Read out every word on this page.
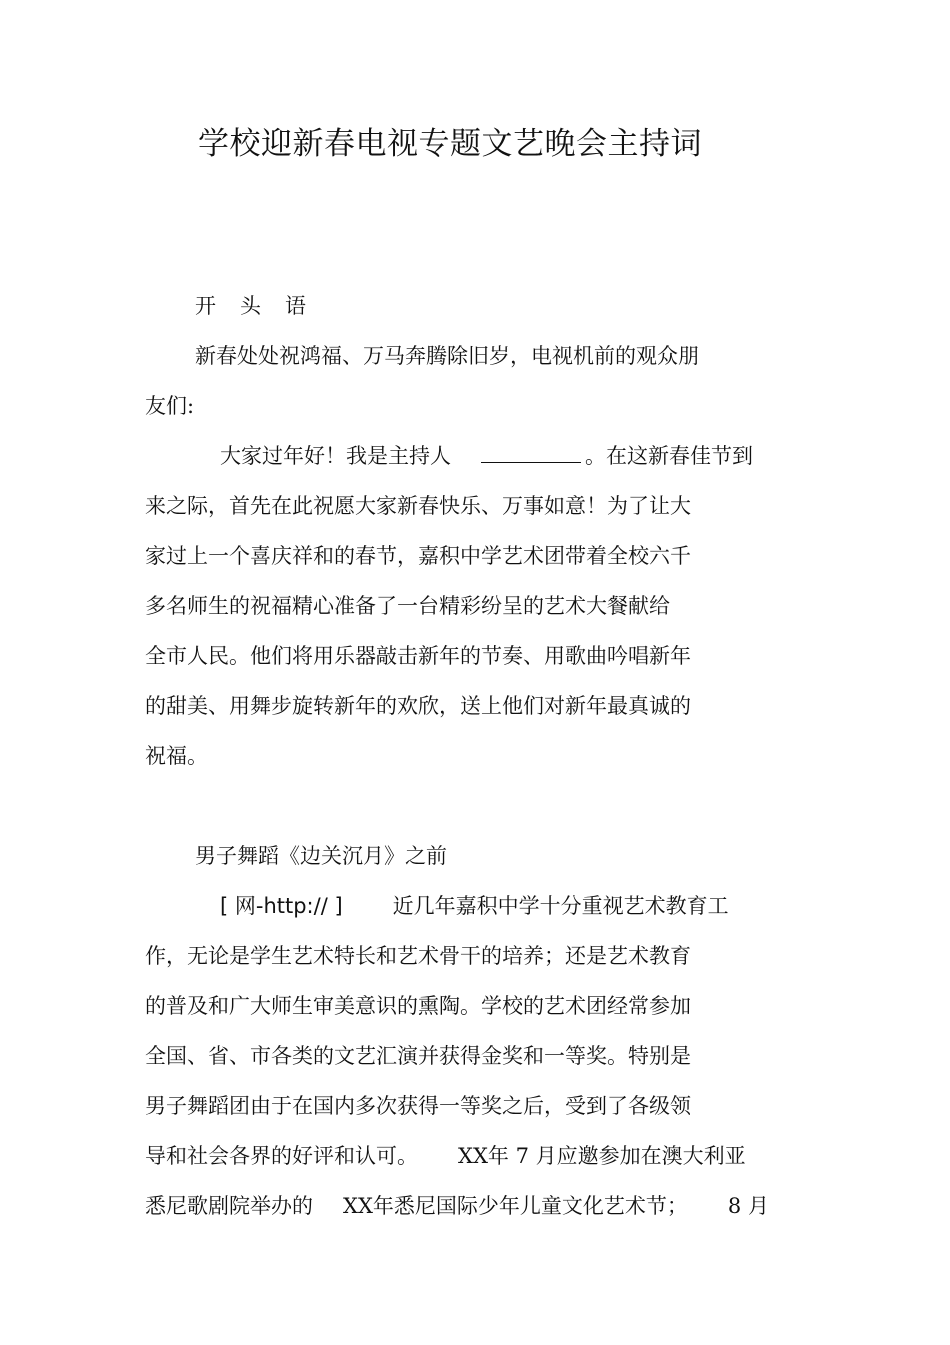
学校迎新春电视专题文艺晚会主持词
开头语
新春处处祝鸿福、万马奔腾除旧岁，电视机前的观众朋
友们:
大家过年好！我是主持人	。在这新春佳节到
来之际，首先在此祝愿大家新春快乐、万事如意！为了让大
家过上一个喜庆祥和的春节，嘉积中学艺术团带着全校六千
多名师生的祝福精心准备了一台精彩纷呈的艺术大餐献给
全市人民。他们将用乐器敲击新年的节奏、用歌曲吟唱新年
的甜美、用舞步旋转新年的欢欣，送上他们对新年最真诚的
祝福。
男子舞蹈《边关沉月》之前
[ 网-http:// ] 近几年嘉积中学十分重视艺术教育工
作，无论是学生艺术特长和艺术骨干的培养；还是艺术教育
的普及和广大师生审美意识的熏陶。学校的艺术团经常参加
全国、省、市各类的文艺汇演并获得金奖和一等奖。特别是
男子舞蹈团由于在国内多次获得一等奖之后，受到了各级领
导和社会各界的好评和认可。 XX年 7 月应邀参加在澳大利亚
悉尼歌剧院举办的 XX年悉尼国际少年儿童文化艺术节； 8 月
